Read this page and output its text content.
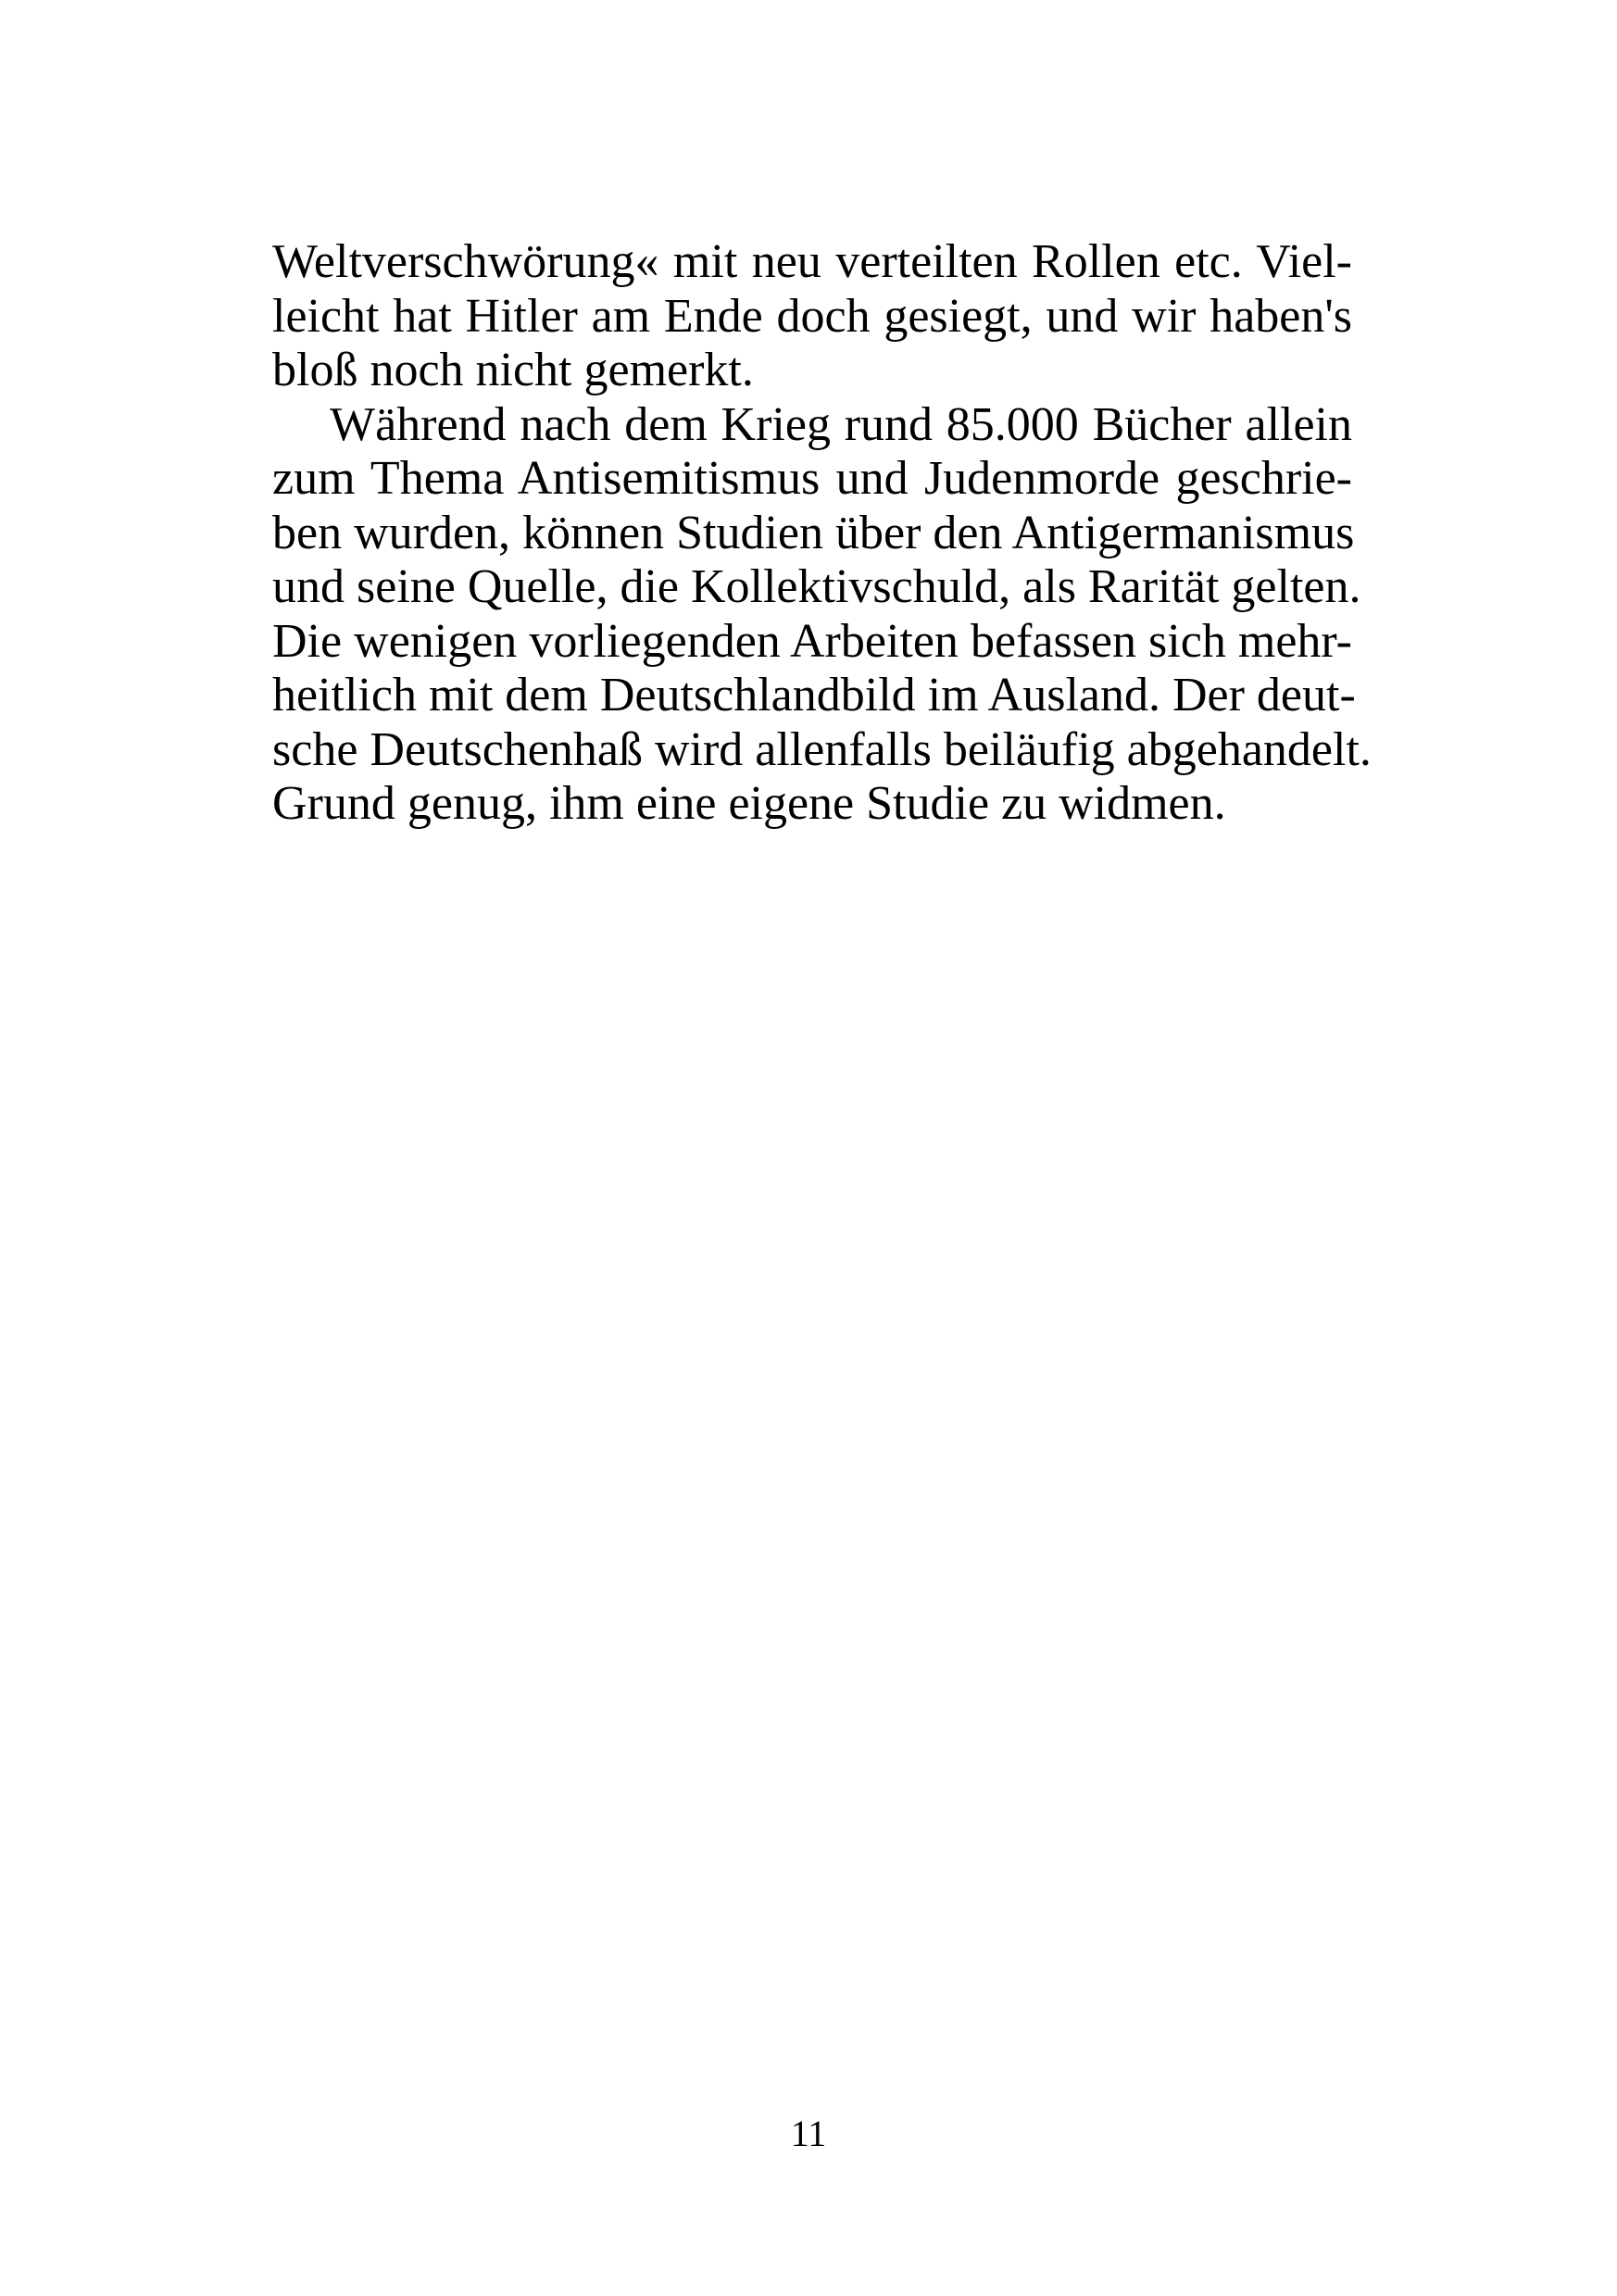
Weltverschwörung« mit neu verteilten Rollen etc. Viel-
leicht hat Hitler am Ende doch gesiegt, und wir haben's
bloß noch nicht gemerkt.
Während nach dem Krieg rund 85.000 Bücher allein
zum Thema Antisemitismus und Judenmorde geschrie-
ben wurden, können Studien über den Antigermanismus
und seine Quelle, die Kollektivschuld, als Rarität gelten.
Die wenigen vorliegenden Arbeiten befassen sich mehr-
heitlich mit dem Deutschlandbild im Ausland. Der deut-
sche Deutschenhaß wird allenfalls beiläufig abgehandelt.
Grund genug, ihm eine eigene Studie zu widmen.
11
